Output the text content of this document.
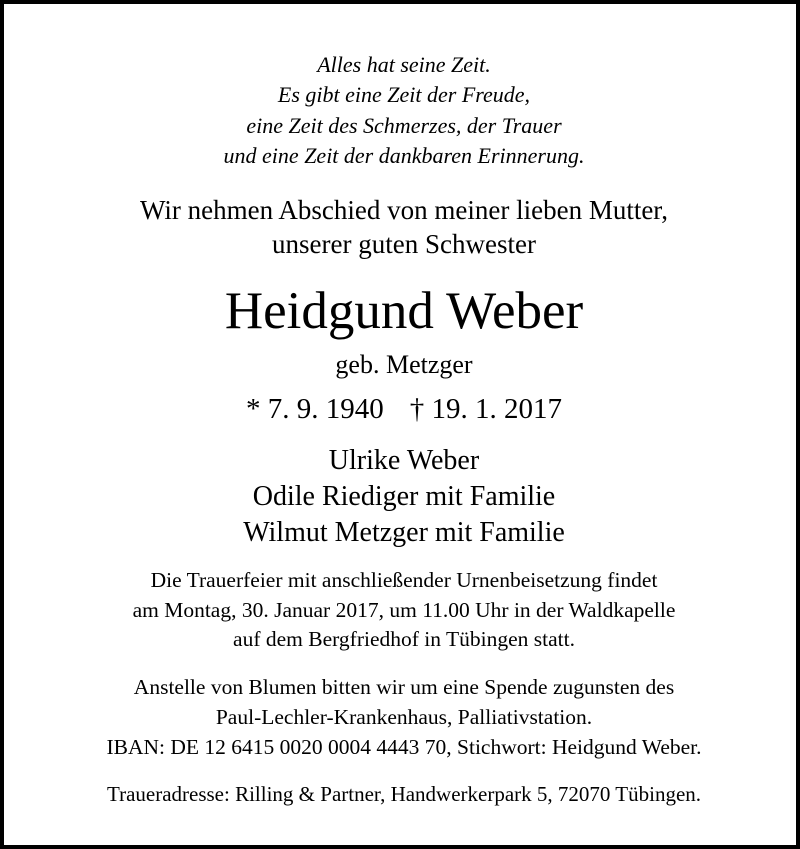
Alles hat seine Zeit.
Es gibt eine Zeit der Freude,
eine Zeit des Schmerzes, der Trauer
und eine Zeit der dankbaren Erinnerung.
Wir nehmen Abschied von meiner lieben Mutter,
unserer guten Schwester
Heidgund Weber
geb. Metzger
* 7. 9. 1940 † 19. 1. 2017
Ulrike Weber
Odile Riediger mit Familie
Wilmut Metzger mit Familie
Die Trauerfeier mit anschließender Urnenbeisetzung findet
am Montag, 30. Januar 2017, um 11.00 Uhr in der Waldkapelle
auf dem Bergfriedhof in Tübingen statt.
Anstelle von Blumen bitten wir um eine Spende zugunsten des
Paul-Lechler-Krankenhaus, Palliativstation.
IBAN: DE 12 6415 0020 0004 4443 70, Stichwort: Heidgund Weber.
Traueradresse: Rilling & Partner, Handwerkerpark 5, 72070 Tübingen.
